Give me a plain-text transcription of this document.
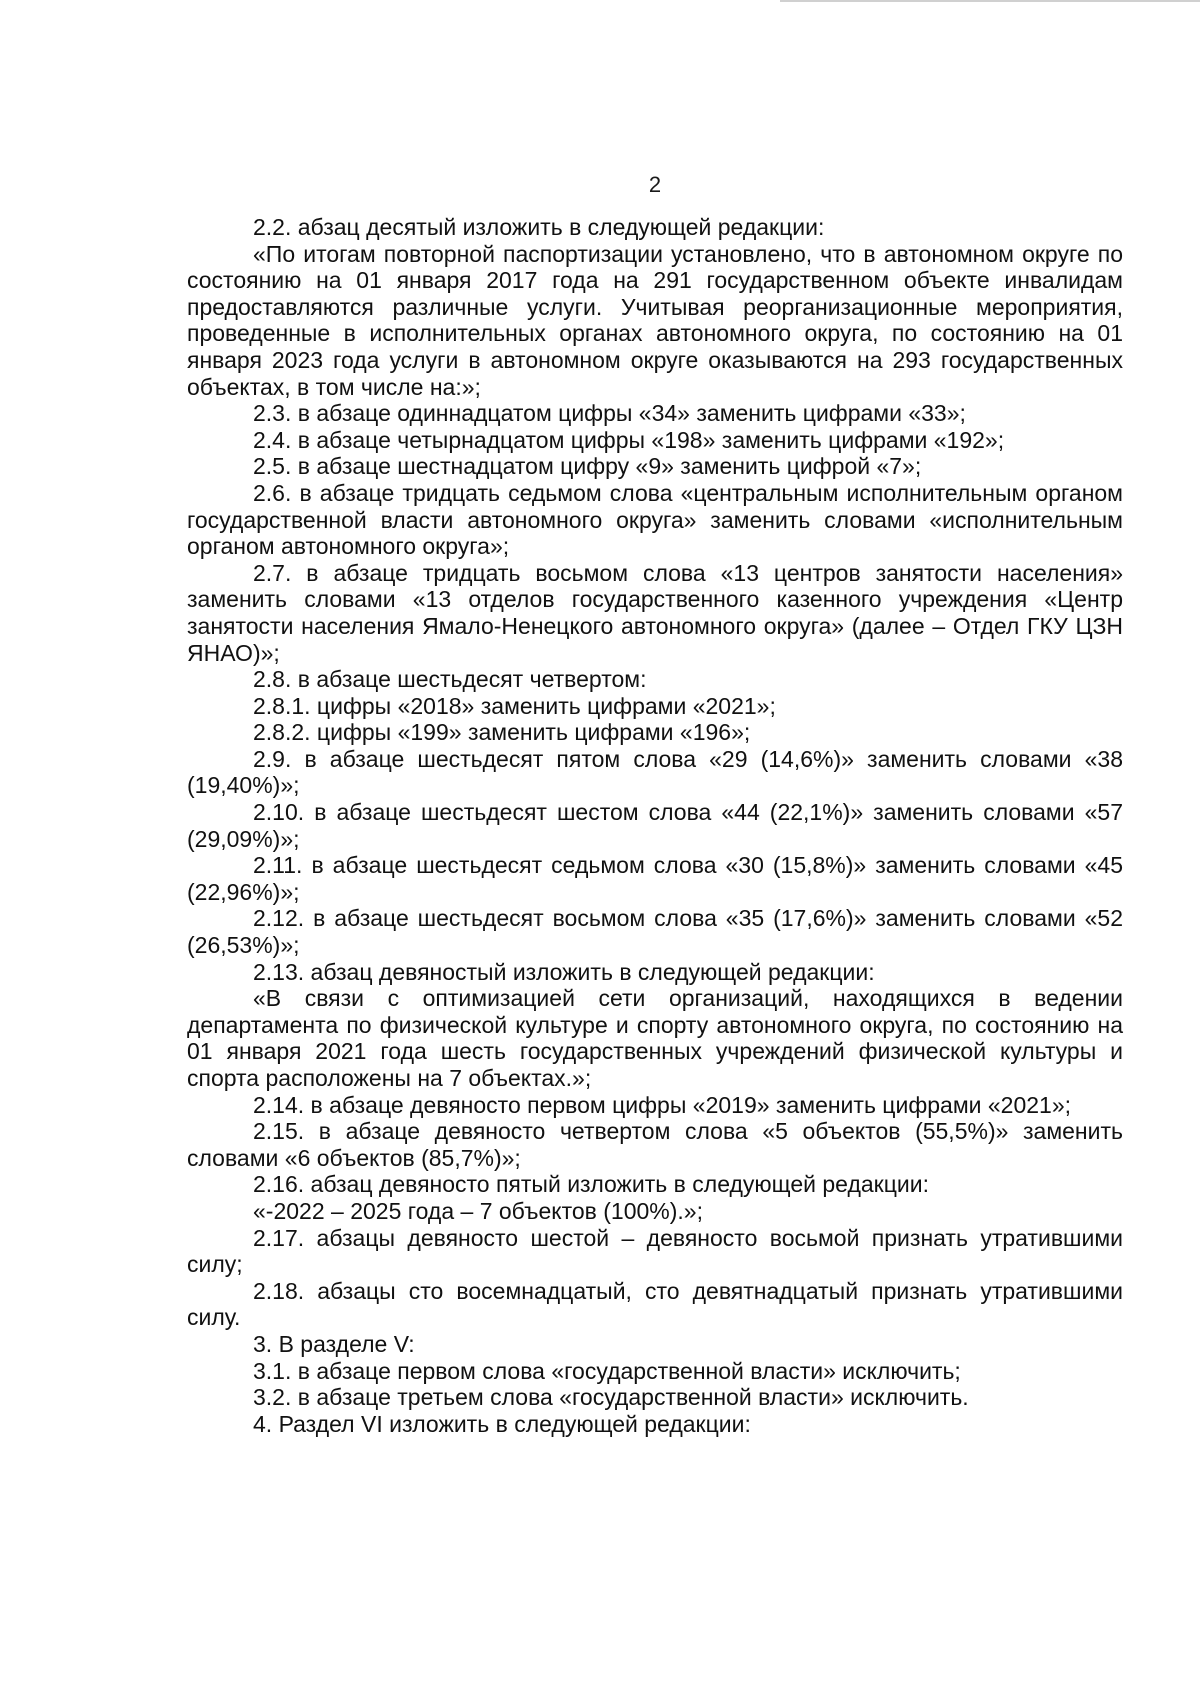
2

2.2. абзац десятый изложить в следующей редакции:

«По итогам повторной паспортизации установлено, что в автономном округе по состоянию на 01 января 2017 года на 291 государственном объекте инвалидам предоставляются различные услуги. Учитывая реорганизационные мероприятия, проведенные в исполнительных органах автономного округа, по состоянию на 01 января 2023 года услуги в автономном округе оказываются на 293 государственных объектах, в том числе на:»;

2.3. в абзаце одиннадцатом цифры «34» заменить цифрами «33»;

2.4. в абзаце четырнадцатом цифры «198» заменить цифрами «192»;

2.5. в абзаце шестнадцатом цифру «9» заменить цифрой «7»;

2.6. в абзаце тридцать седьмом слова «центральным исполнительным органом государственной власти автономного округа» заменить словами «исполнительным органом автономного округа»;

2.7. в абзаце тридцать восьмом слова «13 центров занятости населения» заменить словами «13 отделов государственного казенного учреждения «Центр занятости населения Ямало-Ненецкого автономного округа» (далее – Отдел ГКУ ЦЗН ЯНАО)»;

2.8. в абзаце шестьдесят четвертом:

2.8.1. цифры «2018» заменить цифрами «2021»;

2.8.2. цифры «199» заменить цифрами «196»;

2.9. в абзаце шестьдесят пятом слова «29 (14,6%)» заменить словами «38 (19,40%)»;

2.10. в абзаце шестьдесят шестом слова «44 (22,1%)» заменить словами «57 (29,09%)»;

2.11. в абзаце шестьдесят седьмом слова «30 (15,8%)» заменить словами «45 (22,96%)»;

2.12. в абзаце шестьдесят восьмом слова «35 (17,6%)» заменить словами «52 (26,53%)»;

2.13. абзац девяностый изложить в следующей редакции:

«В связи с оптимизацией сети организаций, находящихся в ведении департамента по физической культуре и спорту автономного округа, по состоянию на 01 января 2021 года шесть государственных учреждений физической культуры и спорта расположены на 7 объектах.»;

2.14. в абзаце девяносто первом цифры «2019» заменить цифрами «2021»;

2.15. в абзаце девяносто четвертом слова «5 объектов (55,5%)» заменить словами «6 объектов (85,7%)»;

2.16. абзац девяносто пятый изложить в следующей редакции:

«-2022 – 2025 года – 7 объектов (100%).»;

2.17. абзацы девяносто шестой – девяносто восьмой признать утратившими силу;

2.18. абзацы сто восемнадцатый, сто девятнадцатый признать утратившими силу.

3. В разделе V:

3.1. в абзаце первом слова «государственной власти» исключить;

3.2. в абзаце третьем слова «государственной власти» исключить.

4. Раздел VI изложить в следующей редакции:
